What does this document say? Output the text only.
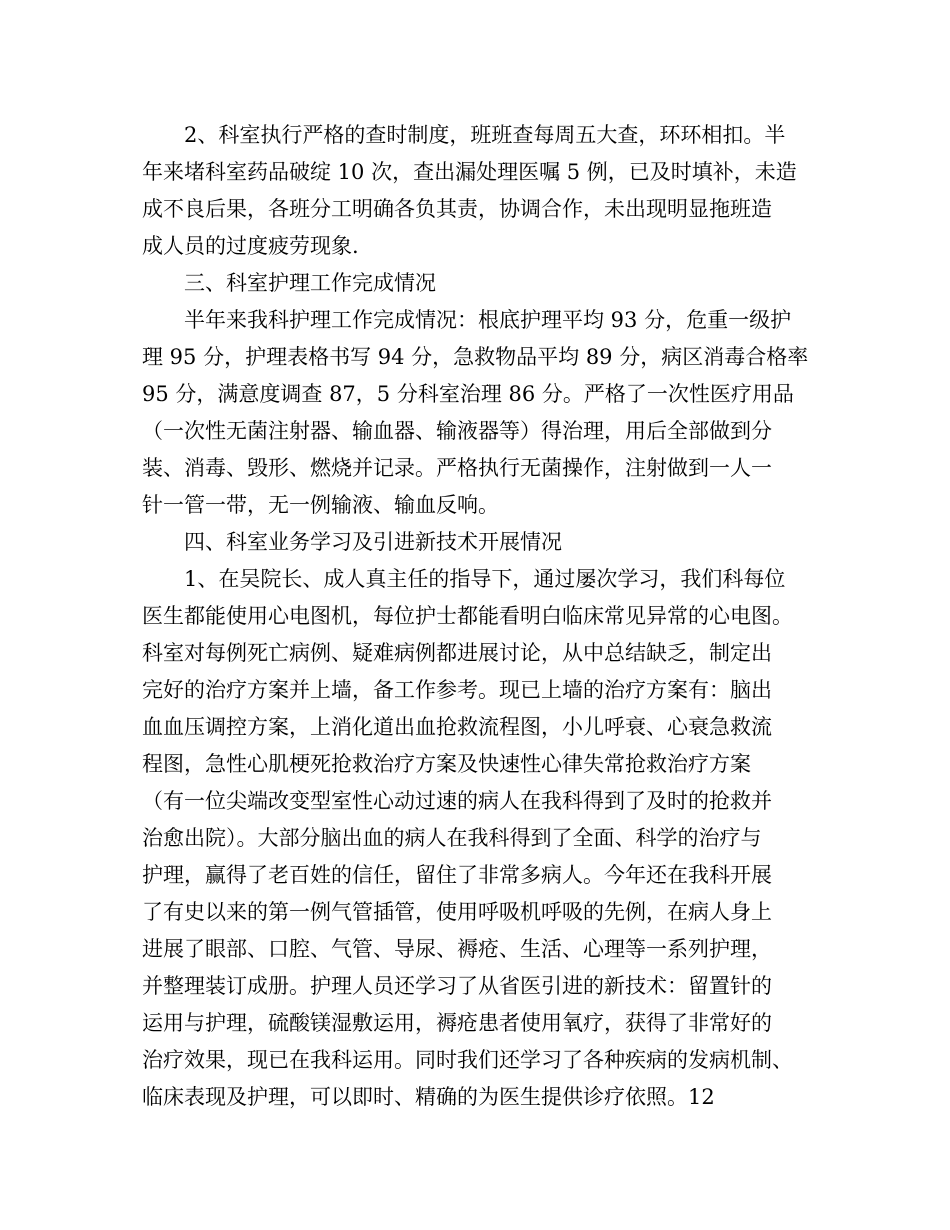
2、科室执行严格的查时制度，班班查每周五大查，环环相扣。半
年来堵科室药品破绽 10 次，查出漏处理医嘱 5 例，已及时填补，未造
成不良后果，各班分工明确各负其责，协调合作，未出现明显拖班造
成人员的过度疲劳现象.
三、科室护理工作完成情况
半年来我科护理工作完成情况：根底护理平均 93 分，危重一级护
理 95 分，护理表格书写 94 分，急救物品平均 89 分，病区消毒合格率
95 分，满意度调查 87，5 分科室治理 86 分。严格了一次性医疗用品
（一次性无菌注射器、输血器、输液器等）得治理，用后全部做到分
装、消毒、毁形、燃烧并记录。严格执行无菌操作，注射做到一人一
针一管一带，无一例输液、输血反响。
四、科室业务学习及引进新技术开展情况
1、在吴院长、成人真主任的指导下，通过屡次学习，我们科每位
医生都能使用心电图机，每位护士都能看明白临床常见异常的心电图。
科室对每例死亡病例、疑难病例都进展讨论，从中总结缺乏，制定出
完好的治疗方案并上墙，备工作参考。现已上墙的治疗方案有：脑出
血血压调控方案，上消化道出血抢救流程图，小儿呼衰、心衰急救流
程图，急性心肌梗死抢救治疗方案及快速性心律失常抢救治疗方案
（有一位尖端改变型室性心动过速的病人在我科得到了及时的抢救并
治愈出院）。大部分脑出血的病人在我科得到了全面、科学的治疗与
护理，赢得了老百姓的信任，留住了非常多病人。今年还在我科开展
了有史以来的第一例气管插管，使用呼吸机呼吸的先例，在病人身上
进展了眼部、口腔、气管、导尿、褥疮、生活、心理等一系列护理，
并整理装订成册。护理人员还学习了从省医引进的新技术：留置针的
运用与护理，硫酸镁湿敷运用，褥疮患者使用氧疗，获得了非常好的
治疗效果，现已在我科运用。同时我们还学习了各种疾病的发病机制、
临床表现及护理，可以即时、精确的为医生提供诊疗依照。12
